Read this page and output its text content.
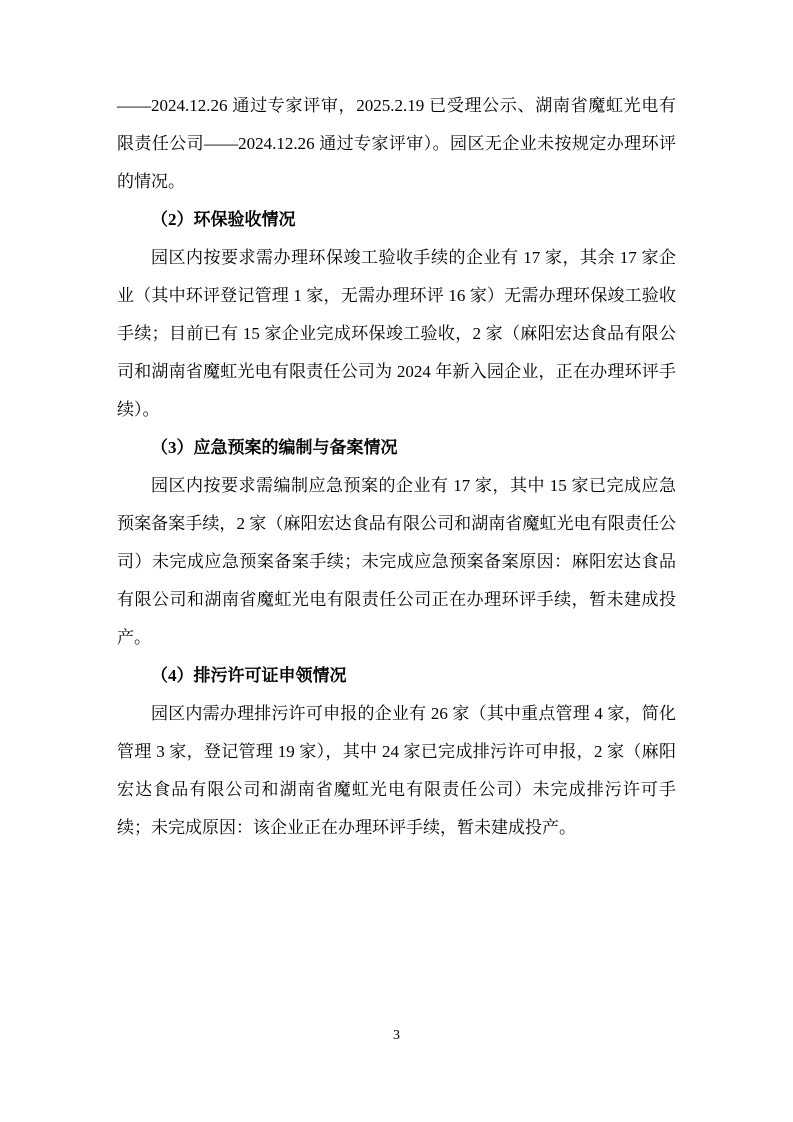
——2024.12.26 通过专家评审，2025.2.19 已受理公示、湖南省魔虹光电有限责任公司——2024.12.26 通过专家评审）。园区无企业未按规定办理环评的情况。

（2）环保验收情况

园区内按要求需办理环保竣工验收手续的企业有 17 家，其余 17 家企业（其中环评登记管理 1 家，无需办理环评 16 家）无需办理环保竣工验收手续；目前已有 15 家企业完成环保竣工验收，2 家（麻阳宏达食品有限公司和湖南省魔虹光电有限责任公司为 2024 年新入园企业，正在办理环评手续）。

（3）应急预案的编制与备案情况

园区内按要求需编制应急预案的企业有 17 家，其中 15 家已完成应急预案备案手续，2 家（麻阳宏达食品有限公司和湖南省魔虹光电有限责任公司）未完成应急预案备案手续；未完成应急预案备案原因：麻阳宏达食品有限公司和湖南省魔虹光电有限责任公司正在办理环评手续，暂未建成投产。

（4）排污许可证申领情况

园区内需办理排污许可申报的企业有 26 家（其中重点管理 4 家，简化管理 3 家，登记管理 19 家），其中 24 家已完成排污许可申报，2 家（麻阳宏达食品有限公司和湖南省魔虹光电有限责任公司）未完成排污许可手续；未完成原因：该企业正在办理环评手续，暂未建成投产。

3
